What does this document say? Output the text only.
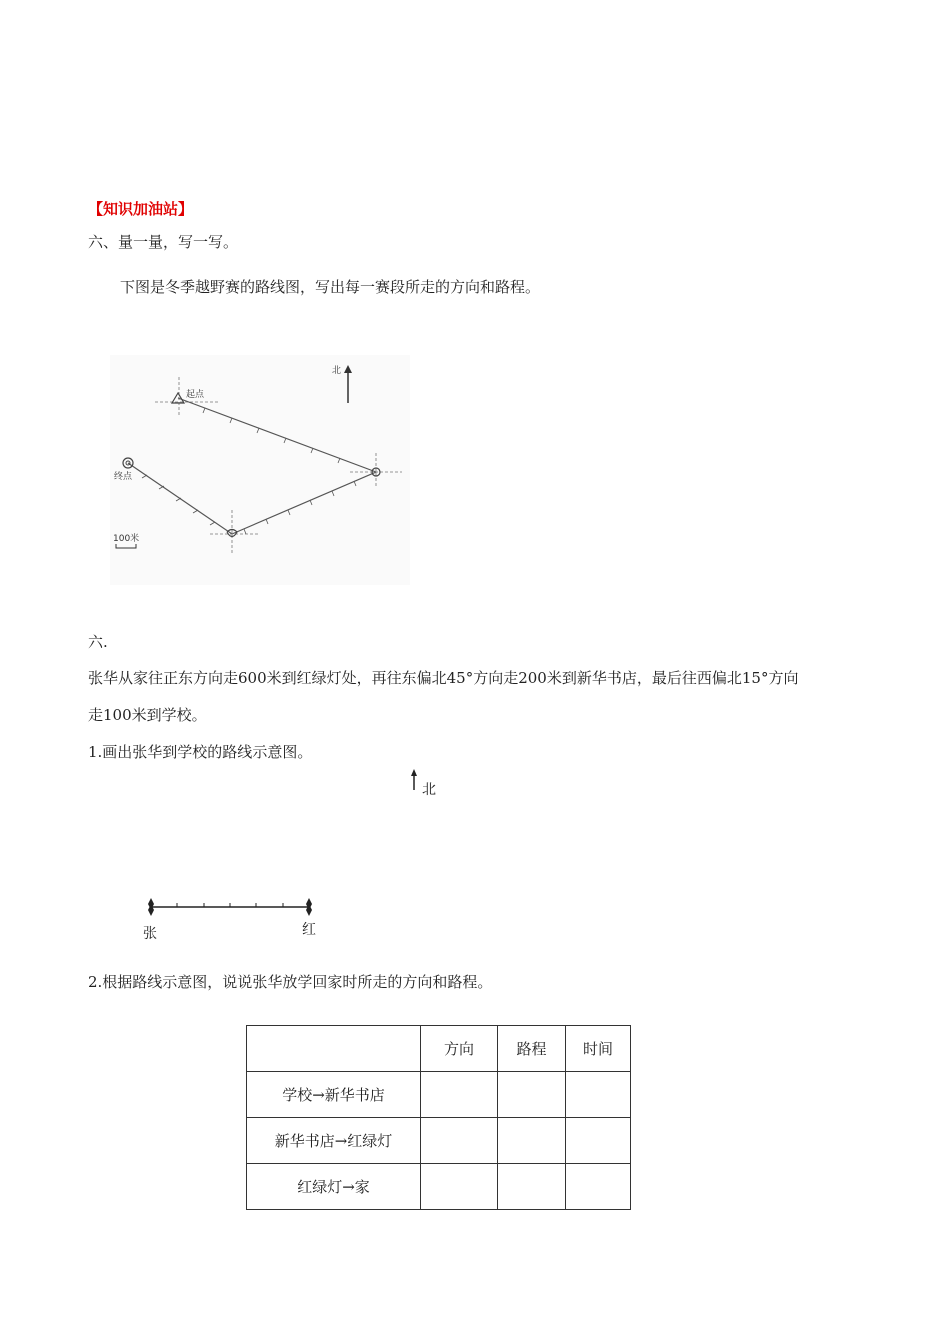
【知识加油站】
六、量一量，写一写。
下图是冬季越野赛的路线图，写出每一赛段所走的方向和路程。
北
起点
终点
100米
六.
张华从家往正东方向走600米到红绿灯处，再往东偏北45°方向走200米到新华书店，最后往西偏北15°方向
走100米到学校。
1.画出张华到学校的路线示意图。
北
张	红
2.根据路线示意图，说说张华放学回家时所走的方向和路程。
	方向	路程	时间
学校→新华书店			
新华书店→红绿灯			
红绿灯→家			
